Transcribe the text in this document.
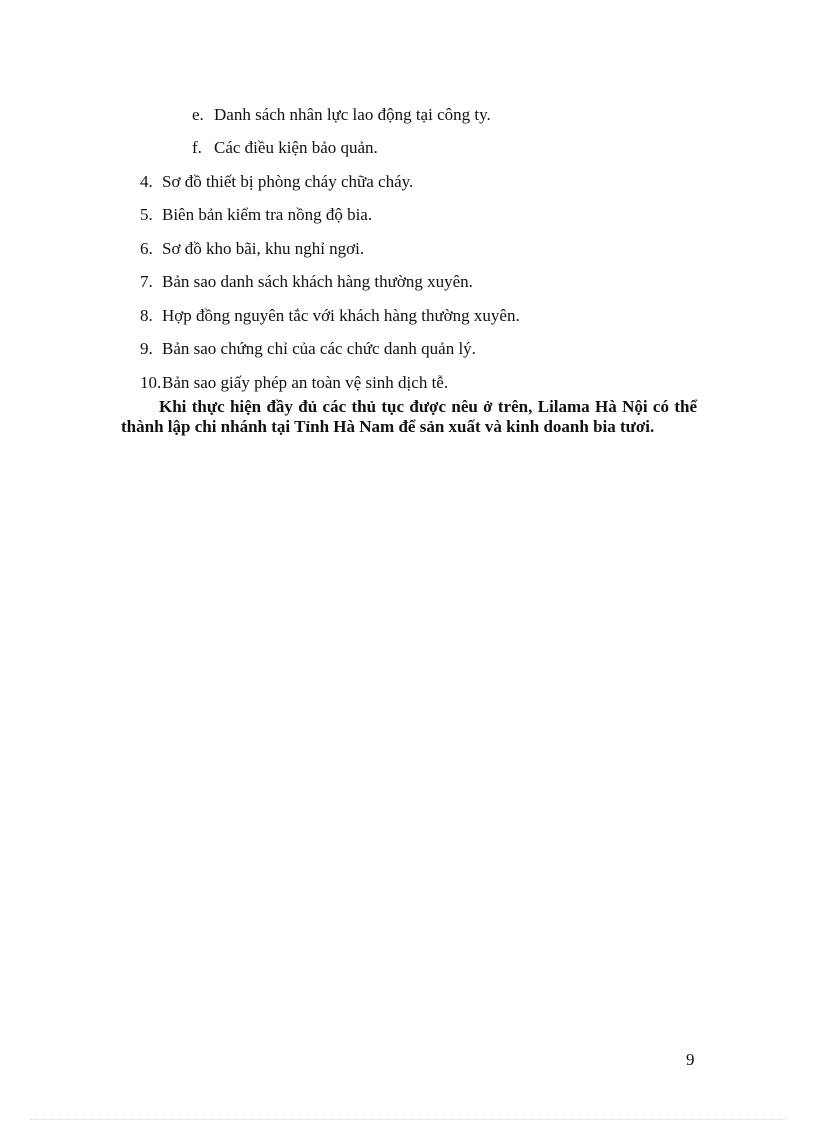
e. Danh sách nhân lực lao động tại công ty.
f. Các điều kiện bảo quản.
4. Sơ đồ thiết bị phòng cháy chữa cháy.
5. Biên bản kiểm tra nồng độ bia.
6. Sơ đồ kho bãi, khu nghỉ ngơi.
7. Bản sao danh sách khách hàng thường xuyên.
8. Hợp đồng nguyên tắc với khách hàng thường xuyên.
9. Bản sao chứng chỉ của các chức danh quản lý.
10.Bản sao giấy phép an toàn vệ sinh dịch tễ.
Khi thực hiện đầy đủ các thủ tục được nêu ở trên, Lilama Hà Nội có thể thành lập chi nhánh tại Tỉnh Hà Nam để sản xuất và kinh doanh bia tươi.
9
